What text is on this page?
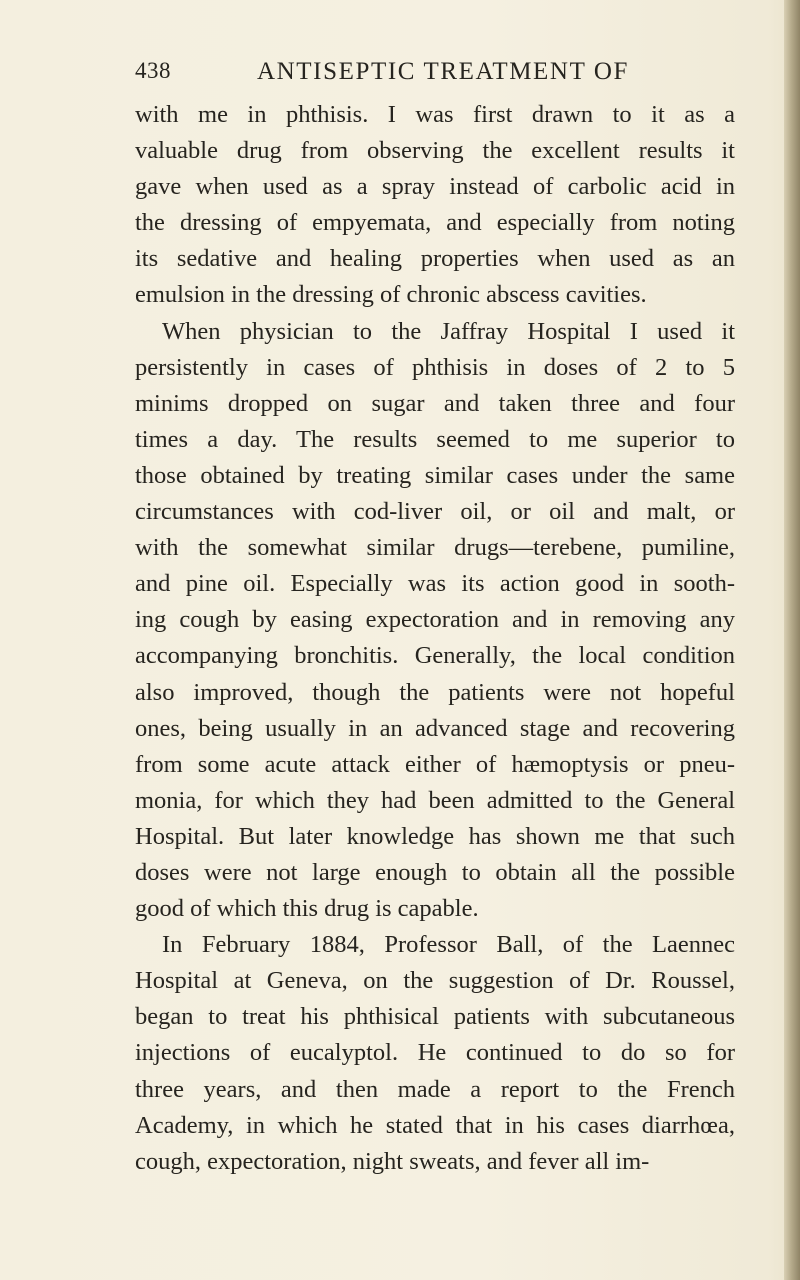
438	ANTISEPTIC TREATMENT OF
with me in phthisis. I was first drawn to it as a
valuable drug from observing the excellent results it
gave when used as a spray instead of carbolic acid in
the dressing of empyemata, and especially from noting
its sedative and healing properties when used as an
emulsion in the dressing of chronic abscess cavities.
When physician to the Jaffray Hospital I used it
persistently in cases of phthisis in doses of 2 to 5
minims dropped on sugar and taken three and four
times a day. The results seemed to me superior to
those obtained by treating similar cases under the same
circumstances with cod-liver oil, or oil and malt, or
with the somewhat similar drugs—terebene, pumiline,
and pine oil. Especially was its action good in sooth-
ing cough by easing expectoration and in removing any
accompanying bronchitis. Generally, the local condition
also improved, though the patients were not hopeful
ones, being usually in an advanced stage and recovering
from some acute attack either of hæmoptysis or pneu-
monia, for which they had been admitted to the General
Hospital. But later knowledge has shown me that such
doses were not large enough to obtain all the possible
good of which this drug is capable.
In February 1884, Professor Ball, of the Laennec
Hospital at Geneva, on the suggestion of Dr. Roussel,
began to treat his phthisical patients with subcutaneous
injections of eucalyptol. He continued to do so for
three years, and then made a report to the French
Academy, in which he stated that in his cases diarrhœa,
cough, expectoration, night sweats, and fever all im-
